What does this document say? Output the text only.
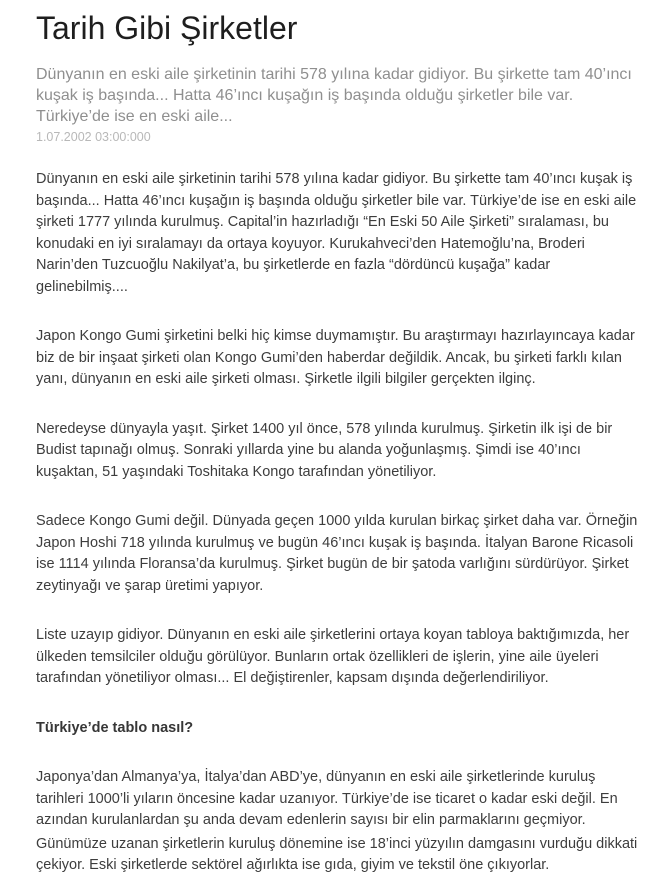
Tarih Gibi Şirketler

Dünyanın en eski aile şirketinin tarihi 578 yılına kadar gidiyor. Bu şirkette tam 40’ıncı kuşak iş başında... Hatta 46’ıncı kuşağın iş başında olduğu şirketler bile var. Türkiye’de ise en eski aile...

1.07.2002 03:00:000

Dünyanın en eski aile şirketinin tarihi 578 yılına kadar gidiyor. Bu şirkette tam 40’ıncı kuşak iş başında... Hatta 46’ıncı kuşağın iş başında olduğu şirketler bile var. Türkiye’de ise en eski aile şirketi 1777 yılında kurulmuş. Capital’in hazırladığı “En Eski 50 Aile Şirketi” sıralaması, bu konudaki en iyi sıralamayı da ortaya koyuyor. Kurukahveci’den Hatemoğlu’na, Broderi Narin’den Tuzcuoğlu Nakilyat’a, bu şirketlerde en fazla “dördüncü kuşağa” kadar gelinebilmiş....

Japon Kongo Gumi şirketini belki hiç kimse duymamıştır. Bu araştırmayı hazırlayıncaya kadar biz de bir inşaat şirketi olan Kongo Gumi’den haberdar değildik. Ancak, bu şirketi farklı kılan yanı, dünyanın en eski aile şirketi olması. Şirketle ilgili bilgiler gerçekten ilginç.

Neredeyse dünyayla yaşıt. Şirket 1400 yıl önce, 578 yılında kurulmuş. Şirketin ilk işi de bir Budist tapınağı olmuş. Sonraki yıllarda yine bu alanda yoğunlaşmış. Şimdi ise 40’ıncı kuşaktan, 51 yaşındaki Toshitaka Kongo tarafından yönetiliyor.

Sadece Kongo Gumi değil. Dünyada geçen 1000 yılda kurulan birkaç şirket daha var. Örneğin Japon Hoshi 718 yılında kurulmuş ve bugün 46’ıncı kuşak iş başında. İtalyan Barone Ricasoli ise 1114 yılında Floransa’da kurulmuş. Şirket bugün de bir şatoda varlığını sürdürüyor. Şirket zeytinyağı ve şarap üretimi yapıyor.

Liste uzayıp gidiyor. Dünyanın en eski aile şirketlerini ortaya koyan tabloya baktığımızda, her ülkeden temsilciler olduğu görülüyor. Bunların ortak özellikleri de işlerin, yine aile üyeleri tarafından yönetiliyor olması... El değiştirenler, kapsam dışında değerlendiriliyor.

Türkiye’de tablo nasıl?

Japonya’dan Almanya’ya, İtalya’dan ABD’ye, dünyanın en eski aile şirketlerinde kuruluş tarihleri 1000’li yıların öncesine kadar uzanıyor. Türkiye’de ise ticaret o kadar eski değil. En azından kurulanlardan şu anda devam edenlerin sayısı bir elin parmaklarını geçmiyor.

Günümüze uzanan şirketlerin kuruluş dönemine ise 18’inci yüzyılın damgasını vurduğu dikkati çekiyor. Eski şirketlerde sektörel ağırlıkta ise gıda, giyim ve tekstil öne çıkıyorlar.
